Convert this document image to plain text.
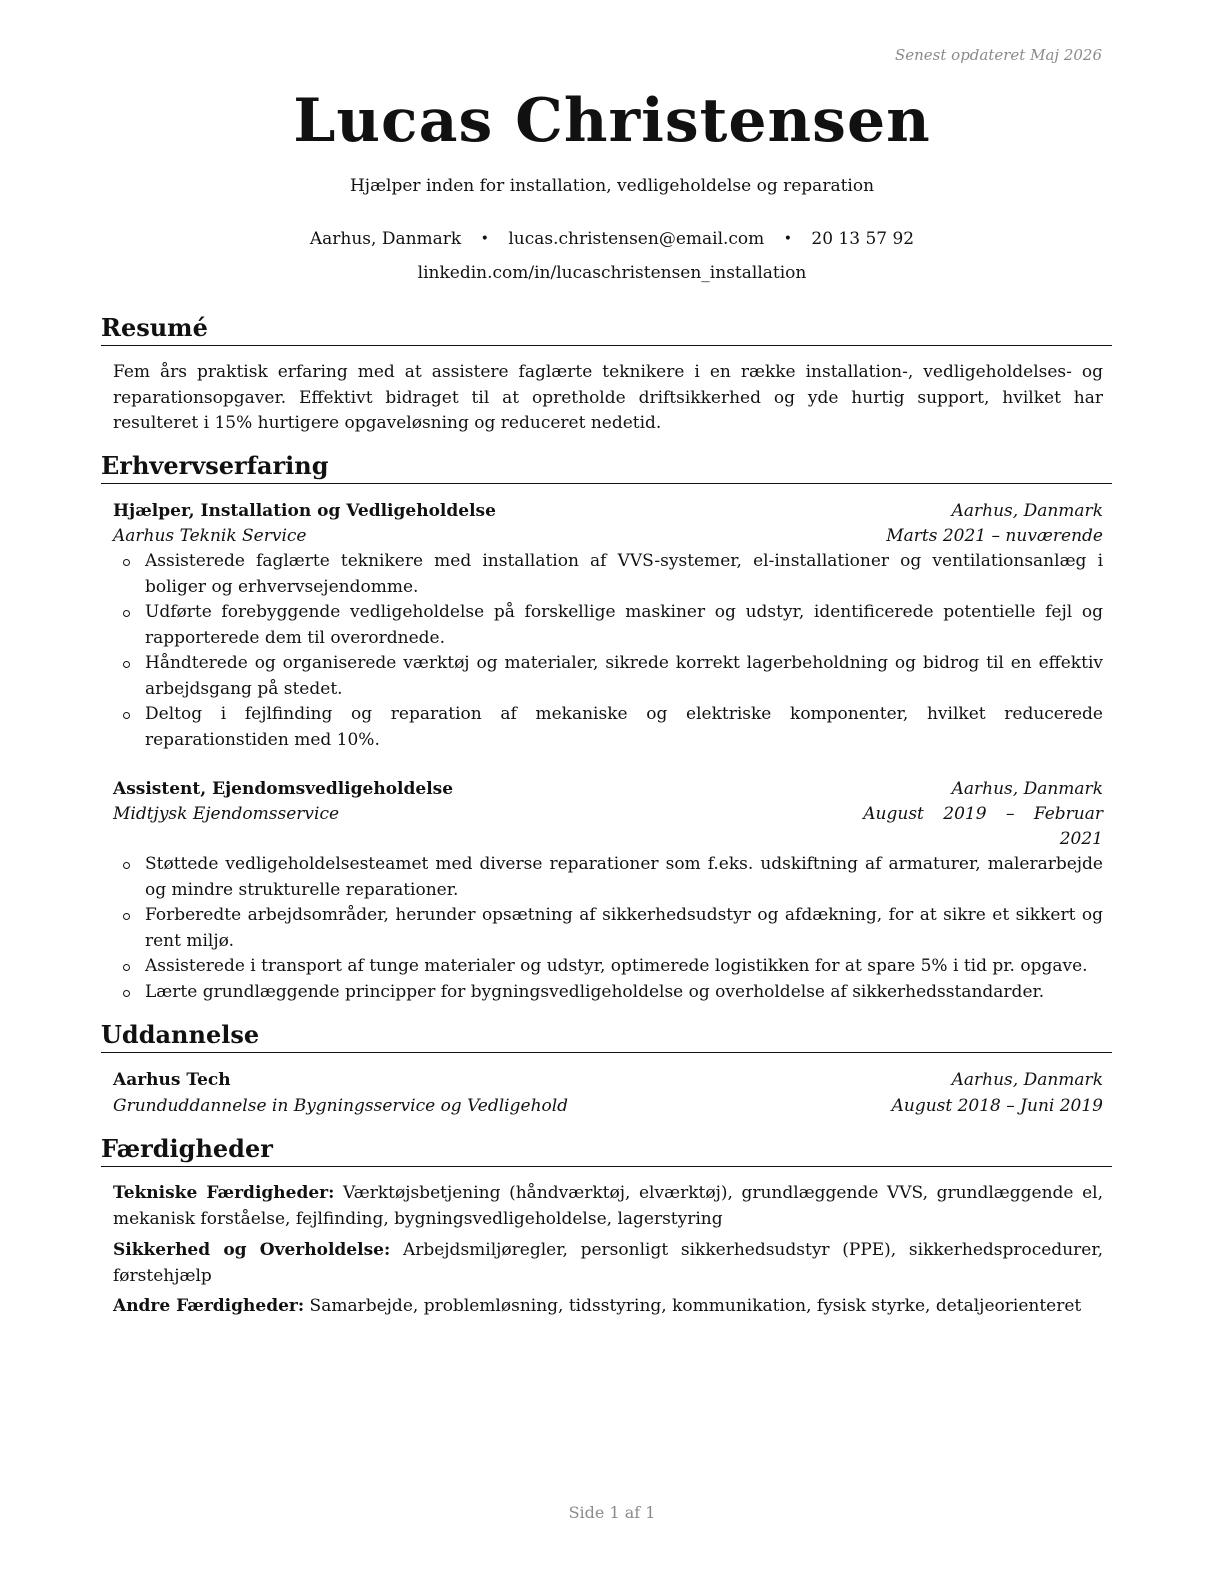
Senest opdateret Maj 2026
Lucas Christensen
Hjælper inden for installation, vedligeholdelse og reparation
Aarhus, Danmark • lucas.christensen@email.com • 20 13 57 92
linkedin.com/in/lucaschristensen_installation
Resumé
Fem års praktisk erfaring med at assistere faglærte teknikere i en række installation-, vedligeholdelses- og reparationsopgaver. Effektivt bidraget til at opretholde driftsikkerhed og yde hurtig support, hvilket har resulteret i 15% hurtigere opgaveløsning og reduceret nedetid.
Erhvervserfaring
Hjælper, Installation og Vedligeholdelse	Aarhus, Danmark
Aarhus Teknik Service	Marts 2021 – nuværende
Assisterede faglærte teknikere med installation af VVS-systemer, el-installationer og ventilationsanlæg i boliger og erhvervsejendomme.
Udførte forebyggende vedligeholdelse på forskellige maskiner og udstyr, identificerede potentielle fejl og rapporterede dem til overordnede.
Håndterede og organiserede værktøj og materialer, sikrede korrekt lagerbeholdning og bidrog til en effektiv arbejdsgang på stedet.
Deltog i fejlfinding og reparation af mekaniske og elektriske komponenter, hvilket reducerede reparationstiden med 10%.
Assistent, Ejendomsvedligeholdelse	Aarhus, Danmark
Midtjysk Ejendomsservice	August 2019 – Februar
2021
Støttede vedligeholdelsesteamet med diverse reparationer som f.eks. udskiftning af armaturer, malerarbejde og mindre strukturelle reparationer.
Forberedte arbejdsområder, herunder opsætning af sikkerhedsudstyr og afdækning, for at sikre et sikkert og rent miljø.
Assisterede i transport af tunge materialer og udstyr, optimerede logistikken for at spare 5% i tid pr. opgave.
Lærte grundlæggende principper for bygningsvedligeholdelse og overholdelse af sikkerhedsstandarder.
Uddannelse
Aarhus Tech	Aarhus, Danmark
Grunduddannelse in Bygningsservice og Vedligehold	August 2018 – Juni 2019
Færdigheder
Tekniske Færdigheder: Værktøjsbetjening (håndværktøj, elværktøj), grundlæggende VVS, grundlæggende el, mekanisk forståelse, fejlfinding, bygningsvedligeholdelse, lagerstyring
Sikkerhed og Overholdelse: Arbejdsmiljøregler, personligt sikkerhedsudstyr (PPE), sikkerhedsprocedurer, førstehjælp
Andre Færdigheder: Samarbejde, problemløsning, tidsstyring, kommunikation, fysisk styrke, detaljeorienteret
Side 1 af 1
